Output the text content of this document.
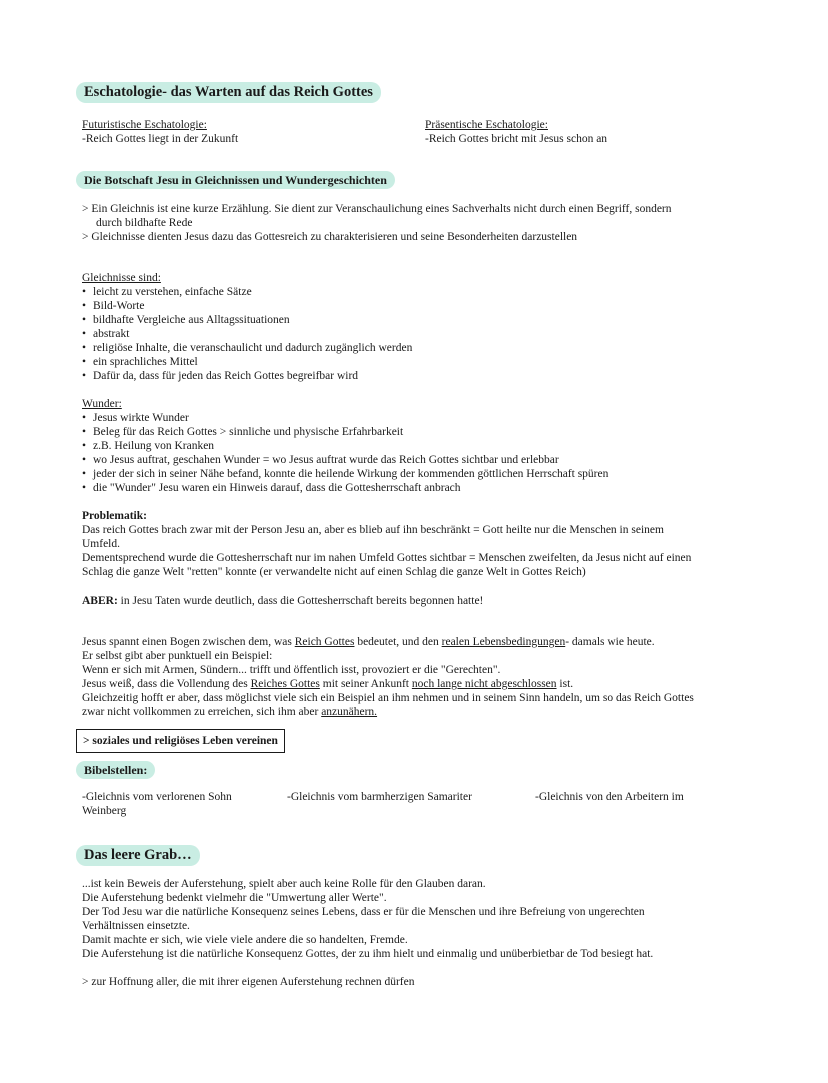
Eschatologie- das Warten auf das Reich Gottes

Futuristische Eschatologie:

-Reich Gottes liegt in der Zukunft

Präsentische Eschatologie:

-Reich Gottes bricht mit Jesus schon an

Die Botschaft Jesu in Gleichnissen und Wundergeschichten

> Ein Gleichnis ist eine kurze Erzählung. Sie dient zur Veranschaulichung eines Sachverhalts nicht durch einen Begriff, sondern

durch bildhafte Rede

> Gleichnisse dienten Jesus dazu das Gottesreich zu charakterisieren und seine Besonderheiten darzustellen

Gleichnisse sind:

• leicht zu verstehen, einfache Sätze
• Bild-Worte
• bildhafte Vergleiche aus Alltagssituationen
• abstrakt
• religiöse Inhalte, die veranschaulicht und dadurch zugänglich werden
• ein sprachliches Mittel
• Dafür da, dass für jeden das Reich Gottes begreifbar wird

Wunder:

• Jesus wirkte Wunder
• Beleg für das Reich Gottes > sinnliche und physische Erfahrbarkeit
• z.B. Heilung von Kranken
• wo Jesus auftrat, geschahen Wunder = wo Jesus auftrat wurde das Reich Gottes sichtbar und erlebbar
• jeder der sich in seiner Nähe befand, konnte die heilende Wirkung der kommenden göttlichen Herrschaft spüren
• die "Wunder" Jesu waren ein Hinweis darauf, dass die Gottesherrschaft anbrach

Problematik:

Das reich Gottes brach zwar mit der Person Jesu an, aber es blieb auf ihn beschränkt = Gott heilte nur die Menschen in seinem

Umfeld.

Dementsprechend wurde die Gottesherrschaft nur im nahen Umfeld Gottes sichtbar = Menschen zweifelten, da Jesus nicht auf einen

Schlag die ganze Welt "retten" konnte (er verwandelte nicht auf einen Schlag die ganze Welt in Gottes Reich)

ABER: in Jesu Taten wurde deutlich, dass die Gottesherrschaft bereits begonnen hatte!

Jesus spannt einen Bogen zwischen dem, was Reich Gottes bedeutet, und den realen Lebensbedingungen- damals wie heute.

Er selbst gibt aber punktuell ein Beispiel:

Wenn er sich mit Armen, Sündern... trifft und öffentlich isst, provoziert er die "Gerechten".

Jesus weiß, dass die Vollendung des Reiches Gottes mit seiner Ankunft noch lange nicht abgeschlossen ist.

Gleichzeitig hofft er aber, dass möglichst viele sich ein Beispiel an ihm nehmen und in seinem Sinn handeln, um so das Reich Gottes

zwar nicht vollkommen zu erreichen, sich ihm aber anzunähern.

> soziales und religiöses Leben vereinen
Bibelstellen:

-Gleichnis vom verlorenen Sohn

Weinberg

-Gleichnis vom barmherzigen Samariter	-Gleichnis von den Arbeitern im

Das leere Grab…

...ist kein Beweis der Auferstehung, spielt aber auch keine Rolle für den Glauben daran.

Die Auferstehung bedenkt vielmehr die "Umwertung aller Werte".

Der Tod Jesu war die natürliche Konsequenz seines Lebens, dass er für die Menschen und ihre Befreiung von ungerechten

Verhältnissen einsetzte.

Damit machte er sich, wie viele viele andere die so handelten, Fremde.

Die Auferstehung ist die natürliche Konsequenz Gottes, der zu ihm hielt und einmalig und unüberbietbar de Tod besiegt hat.

> zur Hoffnung aller, die mit ihrer eigenen Auferstehung rechnen dürfen
